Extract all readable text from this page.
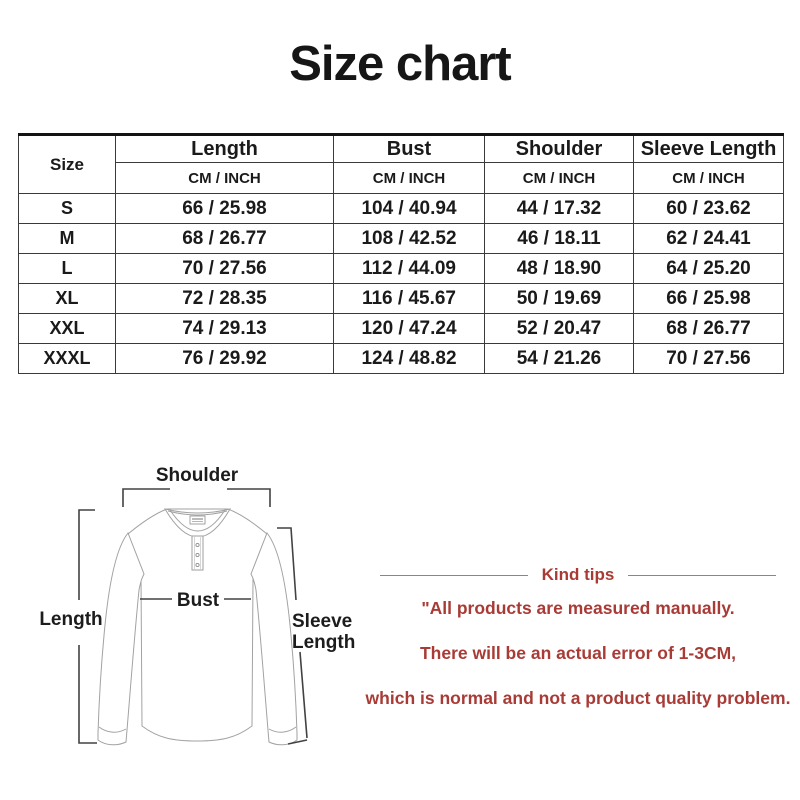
Size chart
Size	Length	Bust	Shoulder	Sleeve Length
	CM / INCH	CM / INCH	CM / INCH	CM / INCH
S	66 / 25.98	104 / 40.94	44 / 17.32	60 / 23.62
M	68 / 26.77	108 / 42.52	46 / 18.11	62 / 24.41
L	70 / 27.56	112 / 44.09	48 / 18.90	64 / 25.20
XL	72 / 28.35	116 / 45.67	50 / 19.69	66 / 25.98
XXL	74 / 29.13	120 / 47.24	52 / 20.47	68 / 26.77
XXXL	76 / 29.92	124 / 48.82	54 / 21.26	70 / 27.56
Shoulder
Length
Bust
Sleeve
Length
Kind tips

"All products are measured manually.

There will be an actual error of 1-3CM,

which is normal and not a product quality problem.
